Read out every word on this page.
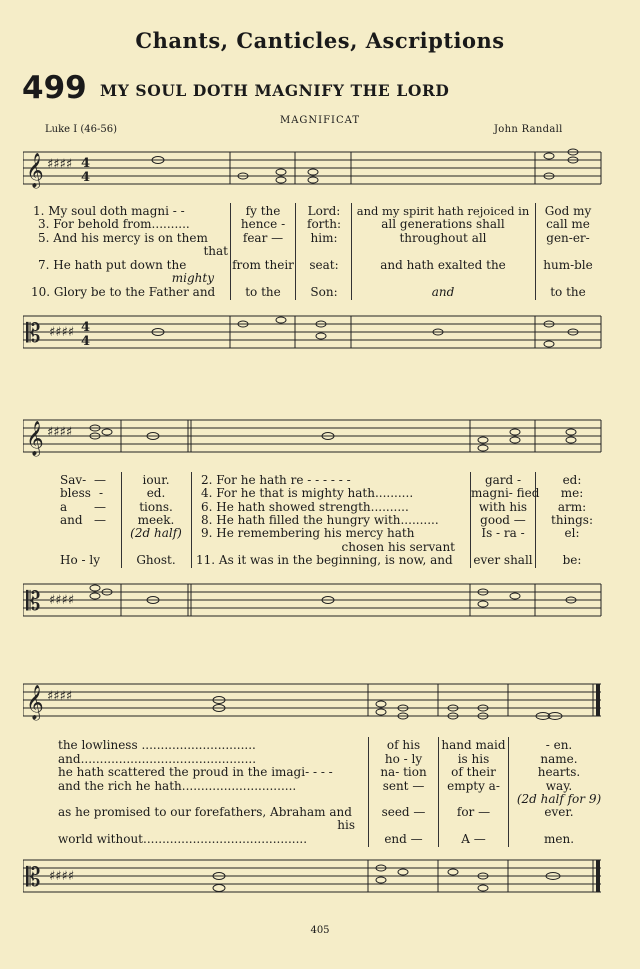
Chants, Canticles, Ascriptions
499 MY SOUL DOTH MAGNIFY THE LORD
MAGNIFICAT
Luke I (46-56)	John Randall
𝄞 ♯♯♯♯ 4
4
𝄡 ♯♯♯♯ 4
4
1. My soul doth magni - -
3. For behold from..........
5. And his mercy is on them
that
7. He hath put down the
mighty
10. Glory be to the Father and
fy the
hence -
fear —
from their
to the
Lord:
forth:
him:
seat:
Son:
and my spirit hath rejoiced in
all generations shall
throughout all
and hath exalted the
and
God my
call me
gen-er-
hum-ble
to the
𝄞 ♯♯♯♯
𝄡 ♯♯♯♯
Sav-
bless
a
and
Ho - ly
—
-
—
—
iour.
ed.
tions.
meek.
(2d half)
Ghost.
2. For he hath re - - - - - -
4. For he that is mighty hath..........
6. He hath showed strength..........
8. He hath filled the hungry with..........
9. He remembering his mercy hath
chosen his servant
11. As it was in the beginning, is now, and
gard -
magni- fied
with his
good —
Is - ra -
ever shall
ed:
me:
arm:
things:
el:
be:
𝄞 ♯♯♯♯
𝄡 ♯♯♯♯
the lowliness ..............................
and..............................................
he hath scattered the proud in the imagi- - - -
and the rich he hath..............................
as he promised to our forefathers, Abraham and
his
world without...........................................
of his
ho - ly
na- tion
sent —
seed —
end —
hand maid
is his
of their
empty a-
for —
A —
- en.
name.
hearts.
way.
(2d half for 9)
ever.
men.
405
